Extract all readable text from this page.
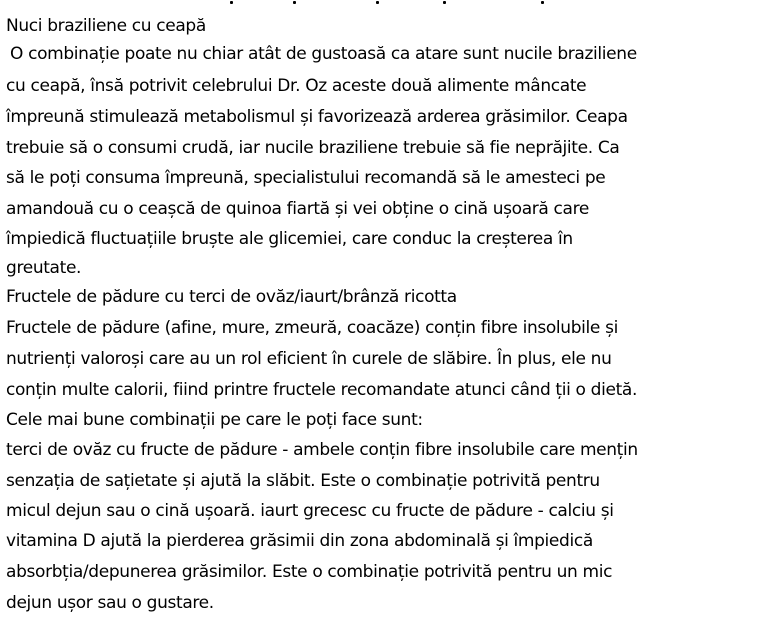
Nuci braziliene cu ceapă
O combinație poate nu chiar atât de gustoasă ca atare sunt nucile braziliene
cu ceapă, însă potrivit celebrului Dr. Oz aceste două alimente mâncate
împreună stimulează metabolismul și favorizează arderea grăsimilor. Ceapa
trebuie să o consumi crudă, iar nucile braziliene trebuie să fie neprăjite. Ca
să le poți consuma împreună, specialistului recomandă să le amesteci pe
amandouă cu o ceașcă de quinoa fiartă și vei obține o cină ușoară care
împiedică fluctuațiile bruște ale glicemiei, care conduc la creșterea în
greutate.
Fructele de pădure cu terci de ovăz/iaurt/brânză ricotta
Fructele de pădure (afine, mure, zmeură, coacăze) conțin fibre insolubile și
nutrienți valoroși care au un rol eficient în curele de slăbire. În plus, ele nu
conțin multe calorii, fiind printre fructele recomandate atunci când ții o dietă.
Cele mai bune combinații pe care le poți face sunt:
terci de ovăz cu fructe de pădure - ambele conțin fibre insolubile care mențin
senzația de sațietate și ajută la slăbit. Este o combinație potrivită pentru
micul dejun sau o cină ușoară. iaurt grecesc cu fructe de pădure - calciu și
vitamina D ajută la pierderea grăsimii din zona abdominală și împiedică
absorbția/depunerea grăsimilor. Este o combinație potrivită pentru un mic
dejun ușor sau o gustare.
